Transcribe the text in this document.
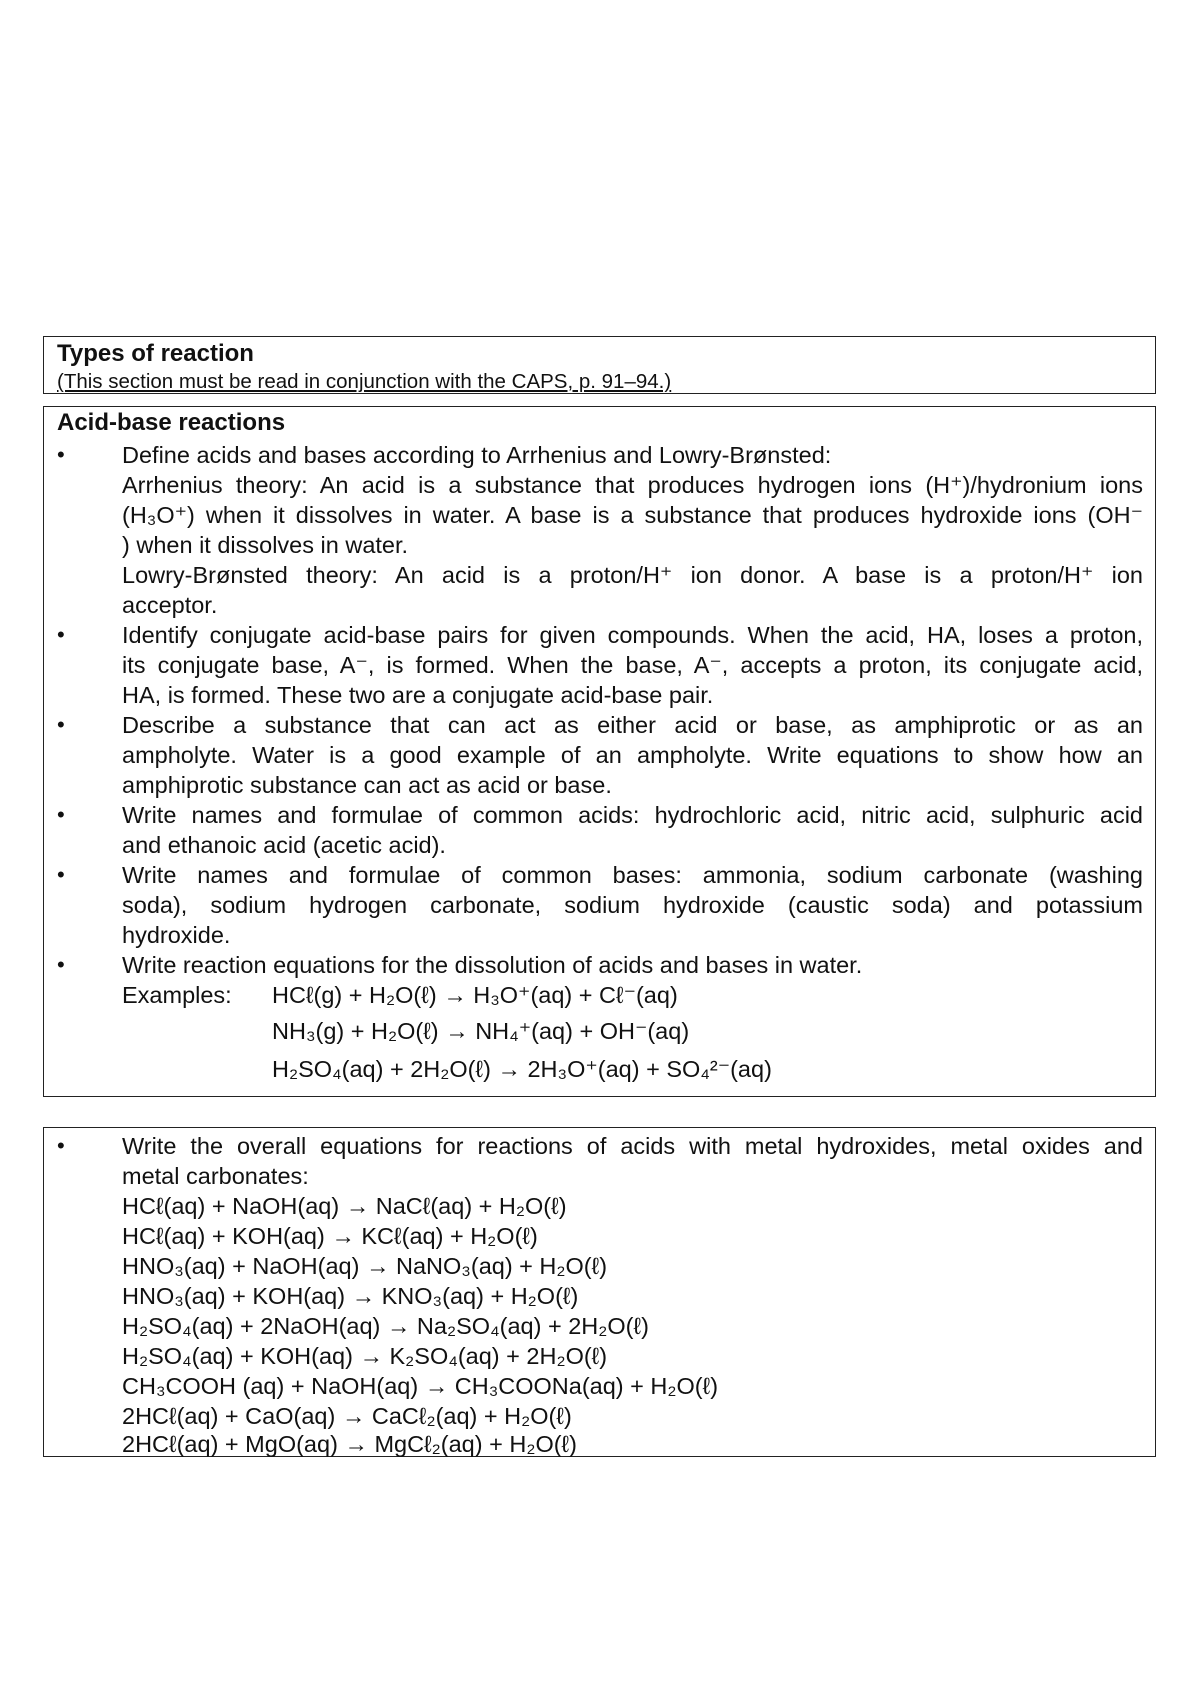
Types of reaction
(This section must be read in conjunction with the CAPS, p. 91–94.)
Acid-base reactions
• Define acids and bases according to Arrhenius and Lowry-Brønsted:
Arrhenius theory: An acid is a substance that produces hydrogen ions (H⁺)/hydronium ions
(H₃O⁺) when it dissolves in water. A base is a substance that produces hydroxide ions (OH⁻
) when it dissolves in water.
Lowry-Brønsted theory: An acid is a proton/H⁺ ion donor. A base is a proton/H⁺ ion
acceptor.
• Identify conjugate acid-base pairs for given compounds. When the acid, HA, loses a proton,
its conjugate base, A⁻, is formed. When the base, A⁻, accepts a proton, its conjugate acid,
HA, is formed. These two are a conjugate acid-base pair.
• Describe a substance that can act as either acid or base, as amphiprotic or as an
ampholyte. Water is a good example of an ampholyte. Write equations to show how an
amphiprotic substance can act as acid or base.
• Write names and formulae of common acids: hydrochloric acid, nitric acid, sulphuric acid
and ethanoic acid (acetic acid).
• Write names and formulae of common bases: ammonia, sodium carbonate (washing
soda), sodium hydrogen carbonate, sodium hydroxide (caustic soda) and potassium
hydroxide.
• Write reaction equations for the dissolution of acids and bases in water.
Examples: HCℓ(g) + H₂O(ℓ) → H₃O⁺(aq) + Cℓ⁻(aq)
NH₃(g) + H₂O(ℓ) → NH₄⁺(aq) + OH⁻(aq)
H₂SO₄(aq) + 2H₂O(ℓ) → 2H₃O⁺(aq) + SO₄²⁻(aq)
• Write the overall equations for reactions of acids with metal hydroxides, metal oxides and
metal carbonates:
HCℓ(aq) + NaOH(aq) → NaCℓ(aq) + H₂O(ℓ)
HCℓ(aq) + KOH(aq) → KCℓ(aq) + H₂O(ℓ)
HNO₃(aq) + NaOH(aq) → NaNO₃(aq) + H₂O(ℓ)
HNO₃(aq) + KOH(aq) → KNO₃(aq) + H₂O(ℓ)
H₂SO₄(aq) + 2NaOH(aq) → Na₂SO₄(aq) + 2H₂O(ℓ)
H₂SO₄(aq) + KOH(aq) → K₂SO₄(aq) + 2H₂O(ℓ)
CH₃COOH (aq) + NaOH(aq) → CH₃COONa(aq) + H₂O(ℓ)
2HCℓ(aq) + CaO(aq) → CaCℓ₂(aq) + H₂O(ℓ)
2HCℓ(aq) + MgO(aq) → MgCℓ₂(aq) + H₂O(ℓ)
